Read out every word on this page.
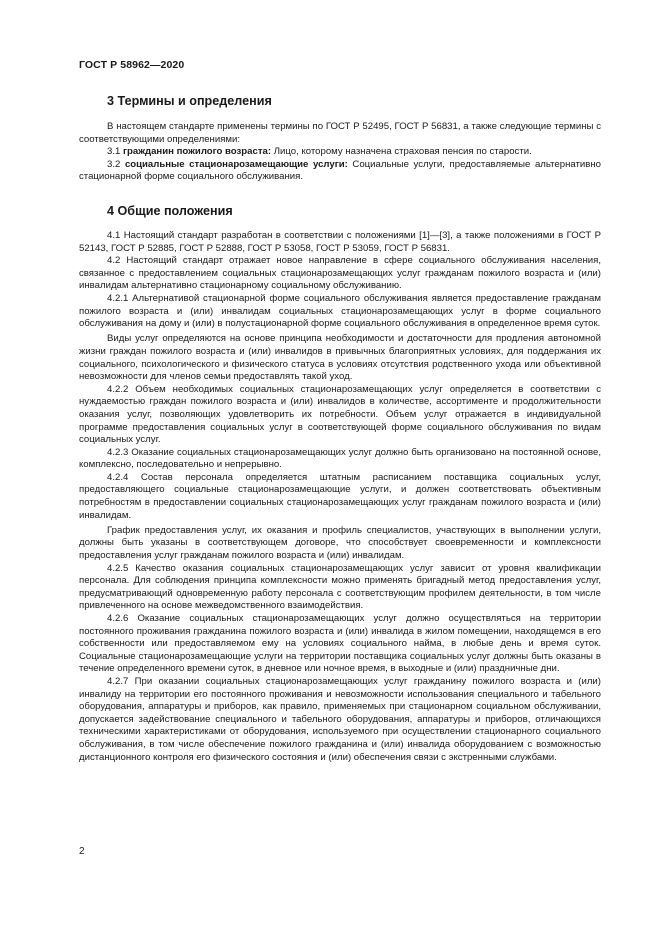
ГОСТ Р 58962—2020
3 Термины и определения

В настоящем стандарте применены термины по ГОСТ Р 52495, ГОСТ Р 56831, а также следующие термины с соответствующими определениями:

3.1 гражданин пожилого возраста: Лицо, которому назначена страховая пенсия по старости.

3.2 социальные стационарозамещающие услуги: Социальные услуги, предоставляемые альтернативно стационарной форме социального обслуживания.

4 Общие положения

4.1 Настоящий стандарт разработан в соответствии с положениями [1]—[3], а также положениями в ГОСТ Р 52143, ГОСТ Р 52885, ГОСТ Р 52888, ГОСТ Р 53058, ГОСТ Р 53059, ГОСТ Р 56831.

4.2 Настоящий стандарт отражает новое направление в сфере социального обслуживания населения, связанное с предоставлением социальных стационарозамещающих услуг гражданам пожилого возраста и (или) инвалидам альтернативно стационарному социальному обслуживанию.

4.2.1 Альтернативой стационарной форме социального обслуживания является предоставление гражданам пожилого возраста и (или) инвалидам социальных стационарозамещающих услуг в форме социального обслуживания на дому и (или) в полустационарной форме социального обслуживания в определенное время суток.

Виды услуг определяются на основе принципа необходимости и достаточности для продления автономной жизни граждан пожилого возраста и (или) инвалидов в привычных благоприятных условиях, для поддержания их социального, психологического и физического статуса в условиях отсутствия родственного ухода или объективной невозможности для членов семьи предоставлять такой уход.

4.2.2 Объем необходимых социальных стационарозамещающих услуг определяется в соответствии с нуждаемостью граждан пожилого возраста и (или) инвалидов в количестве, ассортименте и продолжительности оказания услуг, позволяющих удовлетворить их потребности. Объем услуг отражается в индивидуальной программе предоставления социальных услуг в соответствующей форме социального обслуживания по видам социальных услуг.

4.2.3 Оказание социальных стационарозамещающих услуг должно быть организовано на постоянной основе, комплексно, последовательно и непрерывно.

4.2.4 Состав персонала определяется штатным расписанием поставщика социальных услуг, предоставляющего социальные стационарозамещающие услуги, и должен соответствовать объективным потребностям в предоставлении социальных стационарозамещающих услуг гражданам пожилого возраста и (или) инвалидам.

График предоставления услуг, их оказания и профиль специалистов, участвующих в выполнении услуги, должны быть указаны в соответствующем договоре, что способствует своевременности и комплексности предоставления услуг гражданам пожилого возраста и (или) инвалидам.

4.2.5 Качество оказания социальных стационарозамещающих услуг зависит от уровня квалификации персонала. Для соблюдения принципа комплексности можно применять бригадный метод предоставления услуг, предусматривающий одновременную работу персонала с соответствующим профилем деятельности, в том числе привлеченного на основе межведомственного взаимодействия.

4.2.6 Оказание социальных стационарозамещающих услуг должно осуществляться на территории постоянного проживания гражданина пожилого возраста и (или) инвалида в жилом помещении, находящемся в его собственности или предоставляемом ему на условиях социального найма, в любые день и время суток. Социальные стационарозамещающие услуги на территории поставщика социальных услуг должны быть оказаны в течение определенного времени суток, в дневное или ночное время, в выходные и (или) праздничные дни.

4.2.7 При оказании социальных стационарозамещающих услуг гражданину пожилого возраста и (или) инвалиду на территории его постоянного проживания и невозможности использования специального и табельного оборудования, аппаратуры и приборов, как правило, применяемых при стационарном социальном обслуживании, допускается задействование специального и табельного оборудования, аппаратуры и приборов, отличающихся техническими характеристиками от оборудования, используемого при осуществлении стационарного социального обслуживания, в том числе обеспечение пожилого гражданина и (или) инвалида оборудованием с возможностью дистанционного контроля его физического состояния и (или) обеспечения связи с экстренными службами.

2
